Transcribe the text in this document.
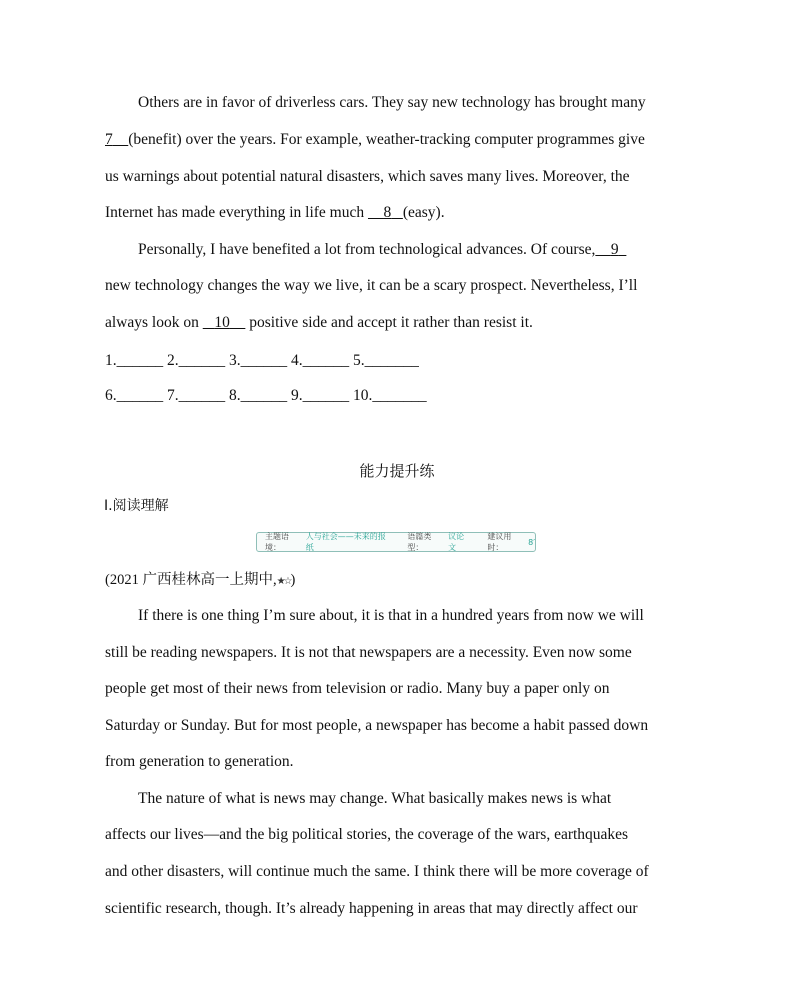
Others are in favor of driverless cars. They say new technology has brought many
7 (benefit) over the years. For example, weather-tracking computer programmes give
us warnings about potential natural disasters, which saves many lives. Moreover, the
Internet has made everything in life much     8 (easy).
Personally, I have benefited a lot from technological advances. Of course, 9
new technology changes the way we live, it can be a scary prospect. Nevertheless, I’ll
always look on    10     positive side and accept it rather than resist it.
1.______ 2.______ 3.______ 4.______ 5._______
6.______ 7.______ 8.______ 9.______ 10._______
能力提升练
Ⅰ.阅读理解
主题语境：
人与社会——未来的报纸
语篇类型：
议论文
建议用时：
8′
(2021 广西桂林高一上期中,★☆)
If there is one thing I’m sure about, it is that in a hundred years from now we will
still be reading newspapers. It is not that newspapers are a necessity. Even now some
people get most of their news from television or radio. Many buy a paper only on
Saturday or Sunday. But for most people, a newspaper has become a habit passed down
from generation to generation.
The nature of what is news may change. What basically makes news is what
affects our lives—and the big political stories, the coverage of the wars, earthquakes
and other disasters, will continue much the same. I think there will be more coverage of
scientific research, though. It’s already happening in areas that may directly affect our
